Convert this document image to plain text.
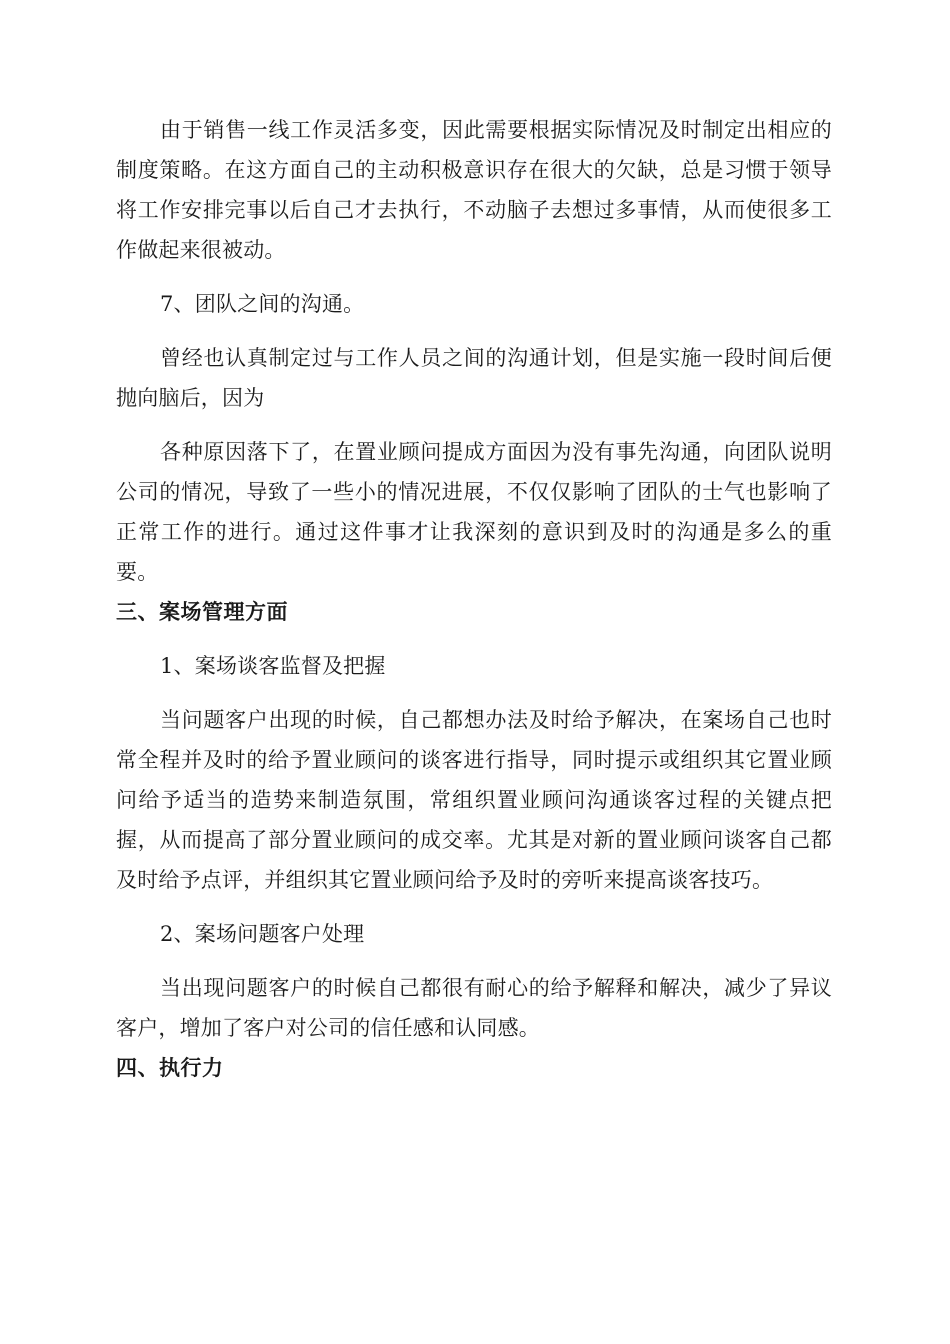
由于销售一线工作灵活多变，因此需要根据实际情况及时制定出相应的制度策略。在这方面自己的主动积极意识存在很大的欠缺，总是习惯于领导将工作安排完事以后自己才去执行，不动脑子去想过多事情，从而使很多工作做起来很被动。

7、团队之间的沟通。

曾经也认真制定过与工作人员之间的沟通计划，但是实施一段时间后便抛向脑后，因为

各种原因落下了，在置业顾问提成方面因为没有事先沟通，向团队说明公司的情况，导致了一些小的情况进展，不仅仅影响了团队的士气也影响了正常工作的进行。通过这件事才让我深刻的意识到及时的沟通是多么的重要。

三、案场管理方面

1、案场谈客监督及把握

当问题客户出现的时候，自己都想办法及时给予解决，在案场自己也时常全程并及时的给予置业顾问的谈客进行指导，同时提示或组织其它置业顾问给予适当的造势来制造氛围，常组织置业顾问沟通谈客过程的关键点把握，从而提高了部分置业顾问的成交率。尤其是对新的置业顾问谈客自己都及时给予点评，并组织其它置业顾问给予及时的旁听来提高谈客技巧。

2、案场问题客户处理

当出现问题客户的时候自己都很有耐心的给予解释和解决，减少了异议客户，增加了客户对公司的信任感和认同感。

四、执行力
